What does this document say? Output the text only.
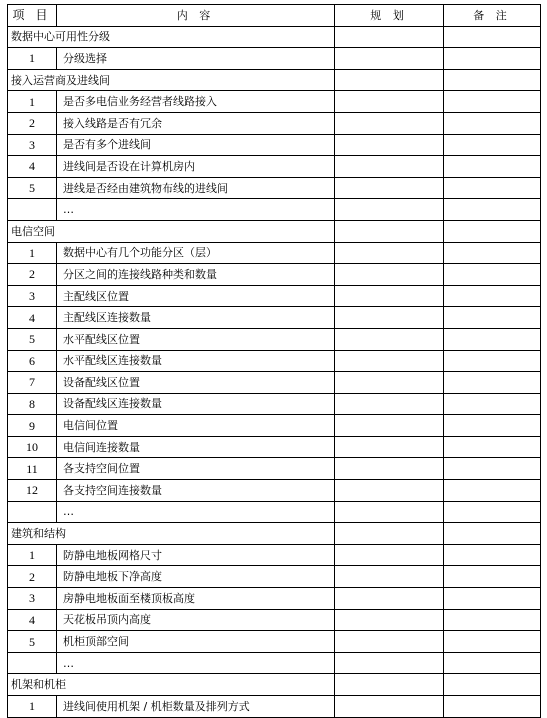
项 目	内 容	规 划	备 注
数据中心可用性分级			
1	分级选择		
接入运营商及进线间			
1	是否多电信业务经营者线路接入		
2	接入线路是否有冗余		
3	是否有多个进线间		
4	进线间是否设在计算机房内		
5	进线是否经由建筑物布线的进线间		
	…		
电信空间			
1	数据中心有几个功能分区（层）		
2	分区之间的连接线路种类和数量		
3	主配线区位置		
4	主配线区连接数量		
5	水平配线区位置		
6	水平配线区连接数量		
7	设备配线区位置		
8	设备配线区连接数量		
9	电信间位置		
10	电信间连接数量		
11	各支持空间位置		
12	各支持空间连接数量		
	…		
建筑和结构			
1	防静电地板网格尺寸		
2	防静电地板下净高度		
3	房静电地板面至楼顶板高度		
4	天花板吊顶内高度		
5	机柜顶部空间		
	…		
机架和机柜			
1	进线间使用机架 / 机柜数量及排列方式		
